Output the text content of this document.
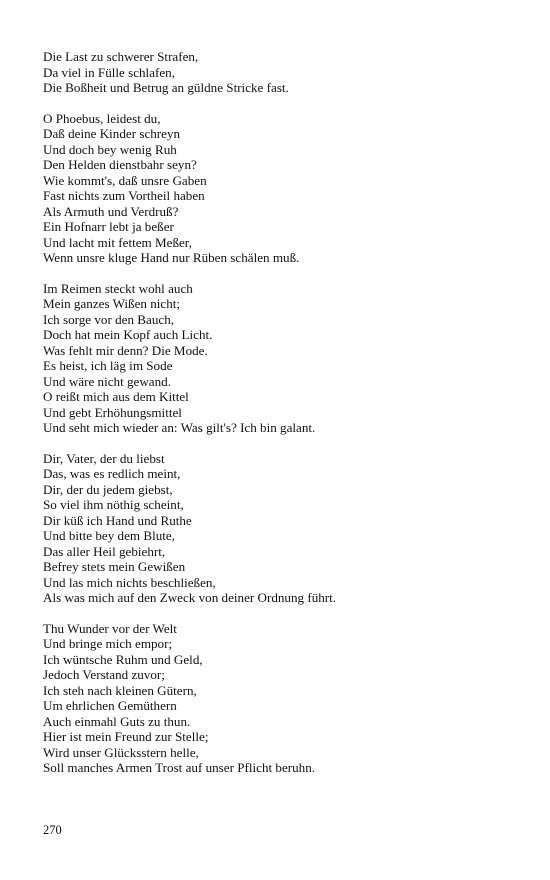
Die Last zu schwerer Strafen,
Da viel in Fülle schlafen,
Die Boßheit und Betrug an güldne Stricke fast.
O Phoebus, leidest du,
Daß deine Kinder schreyn
Und doch bey wenig Ruh
Den Helden dienstbahr seyn?
Wie kommt's, daß unsre Gaben
Fast nichts zum Vortheil haben
Als Armuth und Verdruß?
Ein Hofnarr lebt ja beßer
Und lacht mit fettem Meßer,
Wenn unsre kluge Hand nur Rüben schälen muß.
Im Reimen steckt wohl auch
Mein ganzes Wißen nicht;
Ich sorge vor den Bauch,
Doch hat mein Kopf auch Licht.
Was fehlt mir denn? Die Mode.
Es heist, ich läg im Sode
Und wäre nicht gewand.
O reißt mich aus dem Kittel
Und gebt Erhöhungsmittel
Und seht mich wieder an: Was gilt's? Ich bin galant.
Dir, Vater, der du liebst
Das, was es redlich meint,
Dir, der du jedem giebst,
So viel ihm nöthig scheint,
Dir küß ich Hand und Ruthe
Und bitte bey dem Blute,
Das aller Heil gebiehrt,
Befrey stets mein Gewißen
Und las mich nichts beschließen,
Als was mich auf den Zweck von deiner Ordnung führt.
Thu Wunder vor der Welt
Und bringe mich empor;
Ich wüntsche Ruhm und Geld,
Jedoch Verstand zuvor;
Ich steh nach kleinen Gütern,
Um ehrlichen Gemüthern
Auch einmahl Guts zu thun.
Hier ist mein Freund zur Stelle;
Wird unser Glücksstern helle,
Soll manches Armen Trost auf unser Pflicht beruhn.
270
